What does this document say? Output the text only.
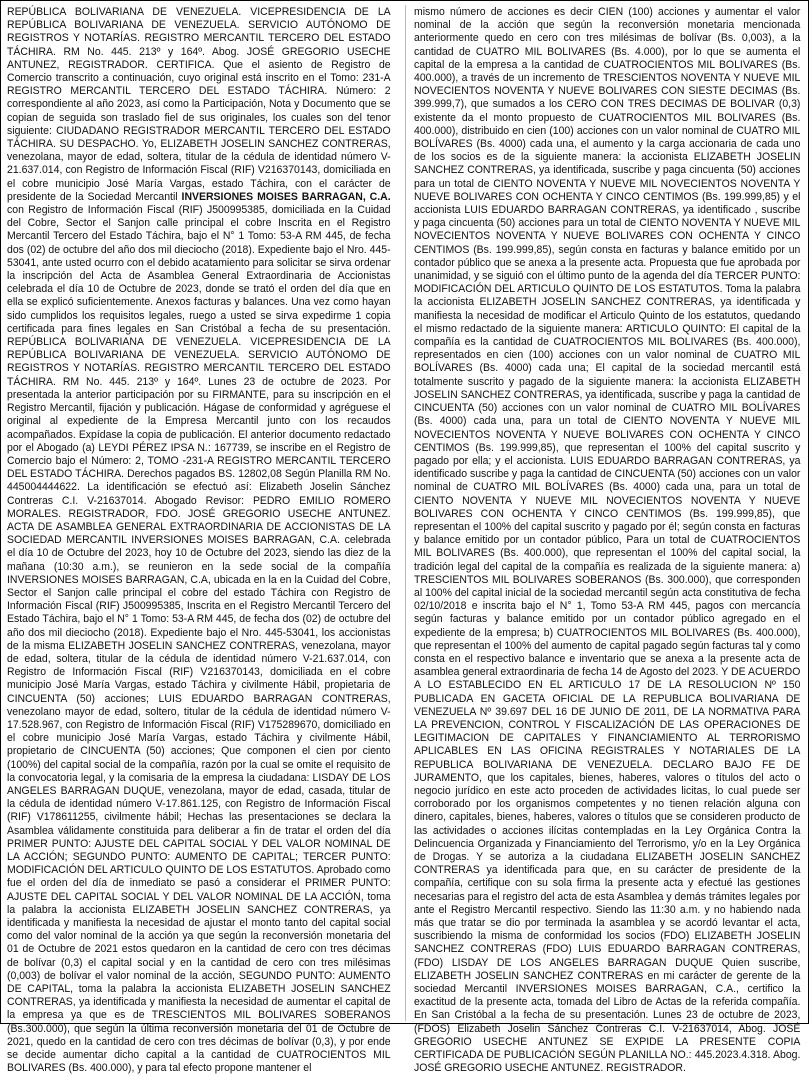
REPÚBLICA BOLIVARIANA DE VENEZUELA. VICEPRESIDENCIA DE LA REPÚBLICA BOLIVARIANA DE VENEZUELA. SERVICIO AUTÓNOMO DE REGISTROS Y NOTARÍAS. REGISTRO MERCANTIL TERCERO DEL ESTADO TÁCHIRA. RM No. 445. 213º y 164º. Abog. JOSÉ GREGORIO USECHE ANTUNEZ, REGISTRADOR. CERTIFICA. Que el asiento de Registro de Comercio transcrito a continuación, cuyo original está inscrito en el Tomo: 231-A REGISTRO MERCANTIL TERCERO DEL ESTADO TÁCHIRA. Número: 2 correspondiente al año 2023, así como la Participación, Nota y Documento que se copian de seguida son traslado fiel de sus originales, los cuales son del tenor siguiente: CIUDADANO REGISTRADOR MERCANTIL TERCERO DEL ESTADO TÁCHIRA. SU DESPACHO. Yo, ELIZABETH JOSELIN SANCHEZ CONTRERAS, venezolana, mayor de edad, soltera, titular de la cédula de identidad número V-21.637.014, con Registro de Información Fiscal (RIF) V216370143, domiciliada en el cobre municipio José María Vargas, estado Táchira, con el carácter de presidente de la Sociedad Mercantil INVERSIONES MOISES BARRAGAN, C.A. con Registro de Información Fiscal (RIF) J500995385, domiciliada en la Cuidad del Cobre, Sector el Sanjon calle principal el cobre Inscrita en el Registro Mercantil Tercero del Estado Táchira, bajo el N° 1 Tomo: 53-A RM 445, de fecha dos (02) de octubre del año dos mil dieciocho (2018). Expediente bajo el Nro. 445-53041, ante usted ocurro con el debido acatamiento para solicitar se sirva ordenar la inscripción del Acta de Asamblea General Extraordinaria de Accionistas celebrada el día 10 de Octubre de 2023, donde se trató el orden del día que en ella se explicó suficientemente. Anexos facturas y balances. Una vez como hayan sido cumplidos los requisitos legales, ruego a usted se sirva expedirme 1 copia certificada para fines legales en San Cristóbal a fecha de su presentación. REPÚBLICA BOLIVARIANA DE VENEZUELA. VICEPRESIDENCIA DE LA REPÚBLICA BOLIVARIANA DE VENEZUELA. SERVICIO AUTÓNOMO DE REGISTROS Y NOTARÍAS. REGISTRO MERCANTIL TERCERO DEL ESTADO TÁCHIRA. RM No. 445. 213º y 164º. Lunes 23 de octubre de 2023. Por presentada la anterior participación por su FIRMANTE, para su inscripción en el Registro Mercantil, fijación y publicación. Hágase de conformidad y agréguese el original al expediente de la Empresa Mercantil junto con los recaudos acompañados. Expídase la copia de publicación. El anterior documento redactado por el Abogado (a) LEYDI PÉREZ IPSA N.: 167739, se inscribe en el Registro de Comercio bajo el Número: 2, TOMO -231-A REGISTRO MERCANTIL TERCERO DEL ESTADO TÁCHIRA. Derechos pagados BS. 12802,08 Según Planilla RM No. 445004444622. La identificación se efectuó así: Elizabeth Joselin Sánchez Contreras C.I. V-21637014. Abogado Revisor: PEDRO EMILIO ROMERO MORALES. REGISTRADOR, FDO. JOSÉ GREGORIO USECHE ANTUNEZ. ACTA DE ASAMBLEA GENERAL EXTRAORDINARIA DE ACCIONISTAS DE LA SOCIEDAD MERCANTIL INVERSIONES MOISES BARRAGAN, C.A. celebrada el día 10 de Octubre del 2023, hoy 10 de Octubre del 2023, siendo las diez de la mañana (10:30 a.m.), se reunieron en la sede social de la compañía INVERSIONES MOISES BARRAGAN, C.A, ubicada en la en la Cuidad del Cobre, Sector el Sanjon calle principal el cobre del estado Táchira con Registro de Información Fiscal (RIF) J500995385, Inscrita en el Registro Mercantil Tercero del Estado Táchira, bajo el N° 1 Tomo: 53-A RM 445, de fecha dos (02) de octubre del año dos mil dieciocho (2018). Expediente bajo el Nro. 445-53041, los accionistas de la misma ELIZABETH JOSELIN SANCHEZ CONTRERAS, venezolana, mayor de edad, soltera, titular de la cédula de identidad número V-21.637.014, con Registro de Información Fiscal (RIF) V216370143, domiciliada en el cobre municipio José María Vargas, estado Táchira y civilmente Hábil, propietaria de CINCUENTA (50) acciones; LUIS EDUARDO BARRAGAN CONTRERAS, venezolano mayor de edad, soltero, titular de la cédula de identidad número V-17.528.967, con Registro de Información Fiscal (RIF) V175289670, domiciliado en el cobre municipio José María Vargas, estado Táchira y civilmente Hábil, propietario de CINCUENTA (50) acciones; Que componen el cien por ciento (100%) del capital social de la compañía, razón por la cual se omite el requisito de la convocatoria legal, y la comisaria de la empresa la ciudadana: LISDAY DE LOS ANGELES BARRAGAN DUQUE, venezolana, mayor de edad, casada, titular de la cédula de identidad número V-17.861.125, con Registro de Información Fiscal (RIF) V178611255, civilmente hábil; Hechas las presentaciones se declara la Asamblea válidamente constituida para deliberar a fin de tratar el orden del día PRIMER PUNTO: AJUSTE DEL CAPITAL SOCIAL Y DEL VALOR NOMINAL DE LA ACCIÓN; SEGUNDO PUNTO: AUMENTO DE CAPITAL; TERCER PUNTO: MODIFICACIÓN DEL ARTICULO QUINTO DE LOS ESTATUTOS. Aprobado como fue el orden del día de inmediato se pasó a considerar el PRIMER PUNTO: AJUSTE DEL CAPITAL SOCIAL Y DEL VALOR NOMINAL DE LA ACCIÓN, toma la palabra la accionista ELIZABETH JOSELIN SANCHEZ CONTRERAS, ya identificada y manifiesta la necesidad de ajustar el monto tanto del capital social como del valor nominal de la acción ya que según la reconversión monetaria del 01 de Octubre de 2021 estos quedaron en la cantidad de cero con tres décimas de bolívar (0,3) el capital social y en la cantidad de cero con tres milésimas (0,003) de bolívar el valor nominal de la acción, SEGUNDO PUNTO: AUMENTO DE CAPITAL, toma la palabra la accionista ELIZABETH JOSELIN SANCHEZ CONTRERAS, ya identificada y manifiesta la necesidad de aumentar el capital de la empresa ya que es de TRESCIENTOS MIL BOLIVARES SOBERANOS (Bs.300.000), que según la última reconversión monetaria del 01 de Octubre de 2021, quedo en la cantidad de cero con tres décimas de bolívar (0,3), y por ende se decide aumentar dicho capital a la cantidad de CUATROCIENTOS MIL BOLIVARES (Bs. 400.000), y para tal efecto propone mantener el

mismo número de acciones es decir CIEN (100) acciones y aumentar el valor nominal de la acción que según la reconversión monetaria mencionada anteriormente quedo en cero con tres milésimas de bolívar (Bs. 0,003), a la cantidad de CUATRO MIL BOLIVARES (Bs. 4.000), por lo que se aumenta el capital de la empresa a la cantidad de CUATROCIENTOS MIL BOLIVARES (Bs. 400.000), a través de un incremento de TRESCIENTOS NOVENTA Y NUEVE MIL NOVECIENTOS NOVENTA Y NUEVE BOLIVARES CON SIESTE DECIMAS (Bs. 399.999,7), que sumados a los CERO CON TRES DECIMAS DE BOLIVAR (0,3) existente da el monto propuesto de CUATROCIENTOS MIL BOLIVARES (Bs. 400.000), distribuido en cien (100) acciones con un valor nominal de CUATRO MIL BOLÍVARES (Bs. 4000) cada una, el aumento y la carga accionaria de cada uno de los socios es de la siguiente manera: la accionista ELIZABETH JOSELIN SANCHEZ CONTRERAS, ya identificada, suscribe y paga cincuenta (50) acciones para un total de CIENTO NOVENTA Y NUEVE MIL NOVECIENTOS NOVENTA Y NUEVE BOLIVARES CON OCHENTA Y CINCO CENTIMOS (Bs. 199.999,85) y el accionista LUIS EDUARDO BARRAGAN CONTRERAS, ya identificado , suscribe y paga cincuenta (50) acciones para un total de CIENTO NOVENTA Y NUEVE MIL NOVECIENTOS NOVENTA Y NUEVE BOLIVARES CON OCHENTA Y CINCO CENTIMOS (Bs. 199.999,85), según consta en facturas y balance emitido por un contador público que se anexa a la presente acta. Propuesta que fue aprobada por unanimidad, y se siguió con el último punto de la agenda del día TERCER PUNTO: MODIFICACIÓN DEL ARTICULO QUINTO DE LOS ESTATUTOS. Toma la palabra la accionista ELIZABETH JOSELIN SANCHEZ CONTRERAS, ya identificada y manifiesta la necesidad de modificar el Articulo Quinto de los estatutos, quedando el mismo redactado de la siguiente manera: ARTICULO QUINTO: El capital de la compañía es la cantidad de CUATROCIENTOS MIL BOLIVARES (Bs. 400.000), representados en cien (100) acciones con un valor nominal de CUATRO MIL BOLÍVARES (Bs. 4000) cada una; El capital de la sociedad mercantil está totalmente suscrito y pagado de la siguiente manera: la accionista ELIZABETH JOSELIN SANCHEZ CONTRERAS, ya identificada, suscribe y paga la cantidad de CINCUENTA (50) acciones con un valor nominal de CUATRO MIL BOLÍVARES (Bs. 4000) cada una, para un total de CIENTO NOVENTA Y NUEVE MIL NOVECIENTOS NOVENTA Y NUEVE BOLIVARES CON OCHENTA Y CINCO CENTIMOS (Bs. 199.999,85), que representan el 100% del capital suscrito y pagado por ella; y el accionista. LUIS EDUARDO BARRAGAN CONTRERAS, ya identificado suscribe y paga la cantidad de CINCUENTA (50) acciones con un valor nominal de CUATRO MIL BOLÍVARES (Bs. 4000) cada una, para un total de CIENTO NOVENTA Y NUEVE MIL NOVECIENTOS NOVENTA Y NUEVE BOLIVARES CON OCHENTA Y CINCO CENTIMOS (Bs. 199.999,85), que representan el 100% del capital suscrito y pagado por él; según consta en facturas y balance emitido por un contador público, Para un total de CUATROCIENTOS MIL BOLIVARES (Bs. 400.000), que representan el 100% del capital social, la tradición legal del capital de la compañía es realizada de la siguiente manera: a) TRESCIENTOS MIL BOLIVARES SOBERANOS (Bs. 300.000), que corresponden al 100% del capital inicial de la sociedad mercantil según acta constitutiva de fecha 02/10/2018 e inscrita bajo el N° 1, Tomo 53-A RM 445, pagos con mercancía según facturas y balance emitido por un contador público agregado en el expediente de la empresa; b) CUATROCIENTOS MIL BOLIVARES (Bs. 400.000), que representan el 100% del aumento de capital pagado según facturas tal y como consta en el respectivo balance e inventario que se anexa a la presente acta de asamblea general extraordinaria de fecha 14 de Agosto del 2023. Y DE ACUERDO A LO ESTABLECIDO EN EL ARTICULO 17 DE LA RESOLUCION Nº 150 PUBLICADA EN GACETA OFICIAL DE LA REPUBLICA BOLIVARIANA DE VENEZUELA Nº 39.697 DEL 16 DE JUNIO DE 2011, DE LA NORMATIVA PARA LA PREVENCION, CONTROL Y FISCALIZACIÓN DE LAS OPERACIONES DE LEGITIMACION DE CAPITALES Y FINANCIAMIENTO AL TERRORISMO APLICABLES EN LAS OFICINA REGISTRALES Y NOTARIALES DE LA REPUBLICA BOLIVARIANA DE VENEZUELA. DECLARO BAJO FE DE JURAMENTO, que los capitales, bienes, haberes, valores o títulos del acto o negocio jurídico en este acto proceden de actividades licitas, lo cual puede ser corroborado por los organismos competentes y no tienen relación alguna con dinero, capitales, bienes, haberes, valores o títulos que se consideren producto de las actividades o acciones ilícitas contempladas en la Ley Orgánica Contra la Delincuencia Organizada y Financiamiento del Terrorismo, y/o en la Ley Orgánica de Drogas. Y se autoriza a la ciudadana ELIZABETH JOSELIN SANCHEZ CONTRERAS ya identificada para que, en su carácter de presidente de la compañía, certifique con su sola firma la presente acta y efectué las gestiones necesarias para el registro del acta de esta Asamblea y demás trámites legales por ante el Registro Mercantil respectivo. Siendo las 11:30 a.m. y no habiendo nada más que tratar se dio por terminada la asamblea y se acordó levantar el acta, suscribiendo la misma de conformidad los socios (FDO) ELIZABETH JOSELIN SANCHEZ CONTRERAS (FDO) LUIS EDUARDO BARRAGAN CONTRERAS, (FDO) LISDAY DE LOS ANGELES BARRAGAN DUQUE Quien suscribe, ELIZABETH JOSELIN SANCHEZ CONTRERAS en mi carácter de gerente de la sociedad Mercantil INVERSIONES MOISES BARRAGAN, C.A., certifico la exactitud de la presente acta, tomada del Libro de Actas de la referida compañía. En San Cristóbal a la fecha de su presentación. Lunes 23 de octubre de 2023, (FDOS) Elizabeth Joselin Sánchez Contreras C.I. V-21637014, Abog. JOSÉ GREGORIO USECHE ANTUNEZ SE EXPIDE LA PRESENTE COPIA CERTIFICADA DE PUBLICACIÓN SEGÚN PLANILLA NO.: 445.2023.4.318. Abog. JOSÉ GREGORIO USECHE ANTUNEZ. REGISTRADOR.
